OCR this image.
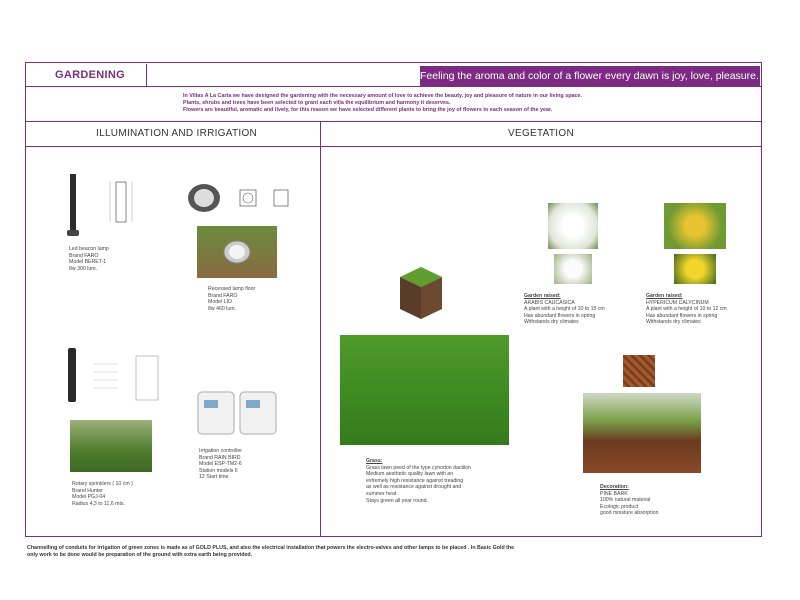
GARDENING	Feeling the aroma and color of a flower every dawn is joy, love, pleasure.
In Villas A La Carta we have designed the gardening with the necessary amount of love to achieve the beauty, joy and pleasure of nature in our living space.
Plants, shrubs and trees have been selected to grant each villa the equilibrium and harmony it deserves.
Flowers are beautiful, aromatic and lively, for this reason we have selected different plants to bring the joy of flowers to each season of the year.
ILLUMINATION AND IRRIGATION	VEGETATION
Led beacon lamp
Brand FARO
Model BERET-1
8w 300 lum.
Recessed lamp floor
Brand FARO
Model LIO
8w 460 lum.
Rotary sprinklers ( 10 cm )
Brand Hunter
Model PGJ-04
Radius 4,3 to 11,6 mts.
Irrigation controller
Brand RAIN BIRD
Model ESP-TM2-6
Station models 6
12 Start time.
Grass:
Grass lawn peed of the type cynodon dactilon
Medium aesthetic quality lawn with an
extremely high resistance against treading
as well as resistance against drought and
summer heat
Stays green all year round.
Garden raised:
ARABIS CAUCASICA
A plant with a height of 10 to 15 cm
Has abundant flowers in spring
Withstands dry climates
Garden raised:
HYPERICUM CALYCINUM
A plant with a height of 10 to 12 cm
Has abundant flowers in spring
Withstands dry climates
Decoration:
PINE BARK
100% natural material
Ecologic product
good moisture absorption
Channelling of conduits for irrigation of green zones is made as of GOLD PLUS, and also the electrical installation that powers the electro-valves and other lamps to be placed . In Basic Gold the
only work to be done would be preparation of the ground with extra earth being provided.
